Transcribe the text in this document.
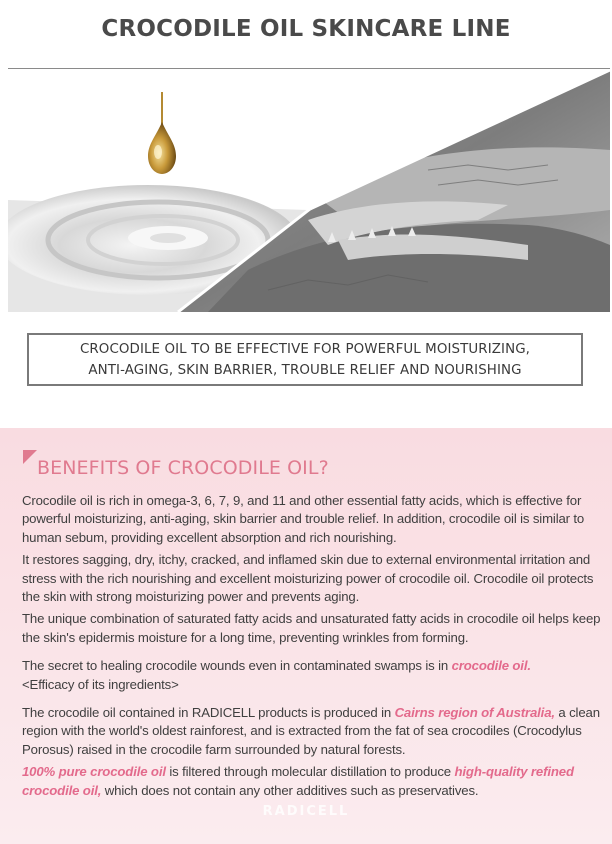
CROCODILE OIL SKINCARE LINE
CROCODILE OIL TO BE EFFECTIVE FOR POWERFUL MOISTURIZING,
ANTI-AGING, SKIN BARRIER, TROUBLE RELIEF AND NOURISHING
BENEFITS OF CROCODILE OIL?

Crocodile oil is rich in omega-3, 6, 7, 9, and 11 and other essential fatty acids, which is effective for powerful moisturizing, anti-aging, skin barrier and trouble relief. In addition, crocodile oil is similar to human sebum, providing excellent absorption and rich nourishing.

It restores sagging, dry, itchy, cracked, and inflamed skin due to external environmental irritation and stress with the rich nourishing and excellent moisturizing power of crocodile oil. Crocodile oil protects the skin with strong moisturizing power and prevents aging.

The unique combination of saturated fatty acids and unsaturated fatty acids in crocodile oil helps keep the skin's epidermis moisture for a long time, preventing wrinkles from forming.

The secret to healing crocodile wounds even in contaminated swamps is in crocodile oil.

<Efficacy of its ingredients>

The crocodile oil contained in RADICELL products is produced in Cairns region of Australia, a clean region with the world's oldest rainforest, and is extracted from the fat of sea crocodiles (Crocodylus Porosus) raised in the crocodile farm surrounded by natural forests.

100% pure crocodile oil is filtered through molecular distillation to produce high-quality refined crocodile oil, which does not contain any other additives such as preservatives.

RADICELL
